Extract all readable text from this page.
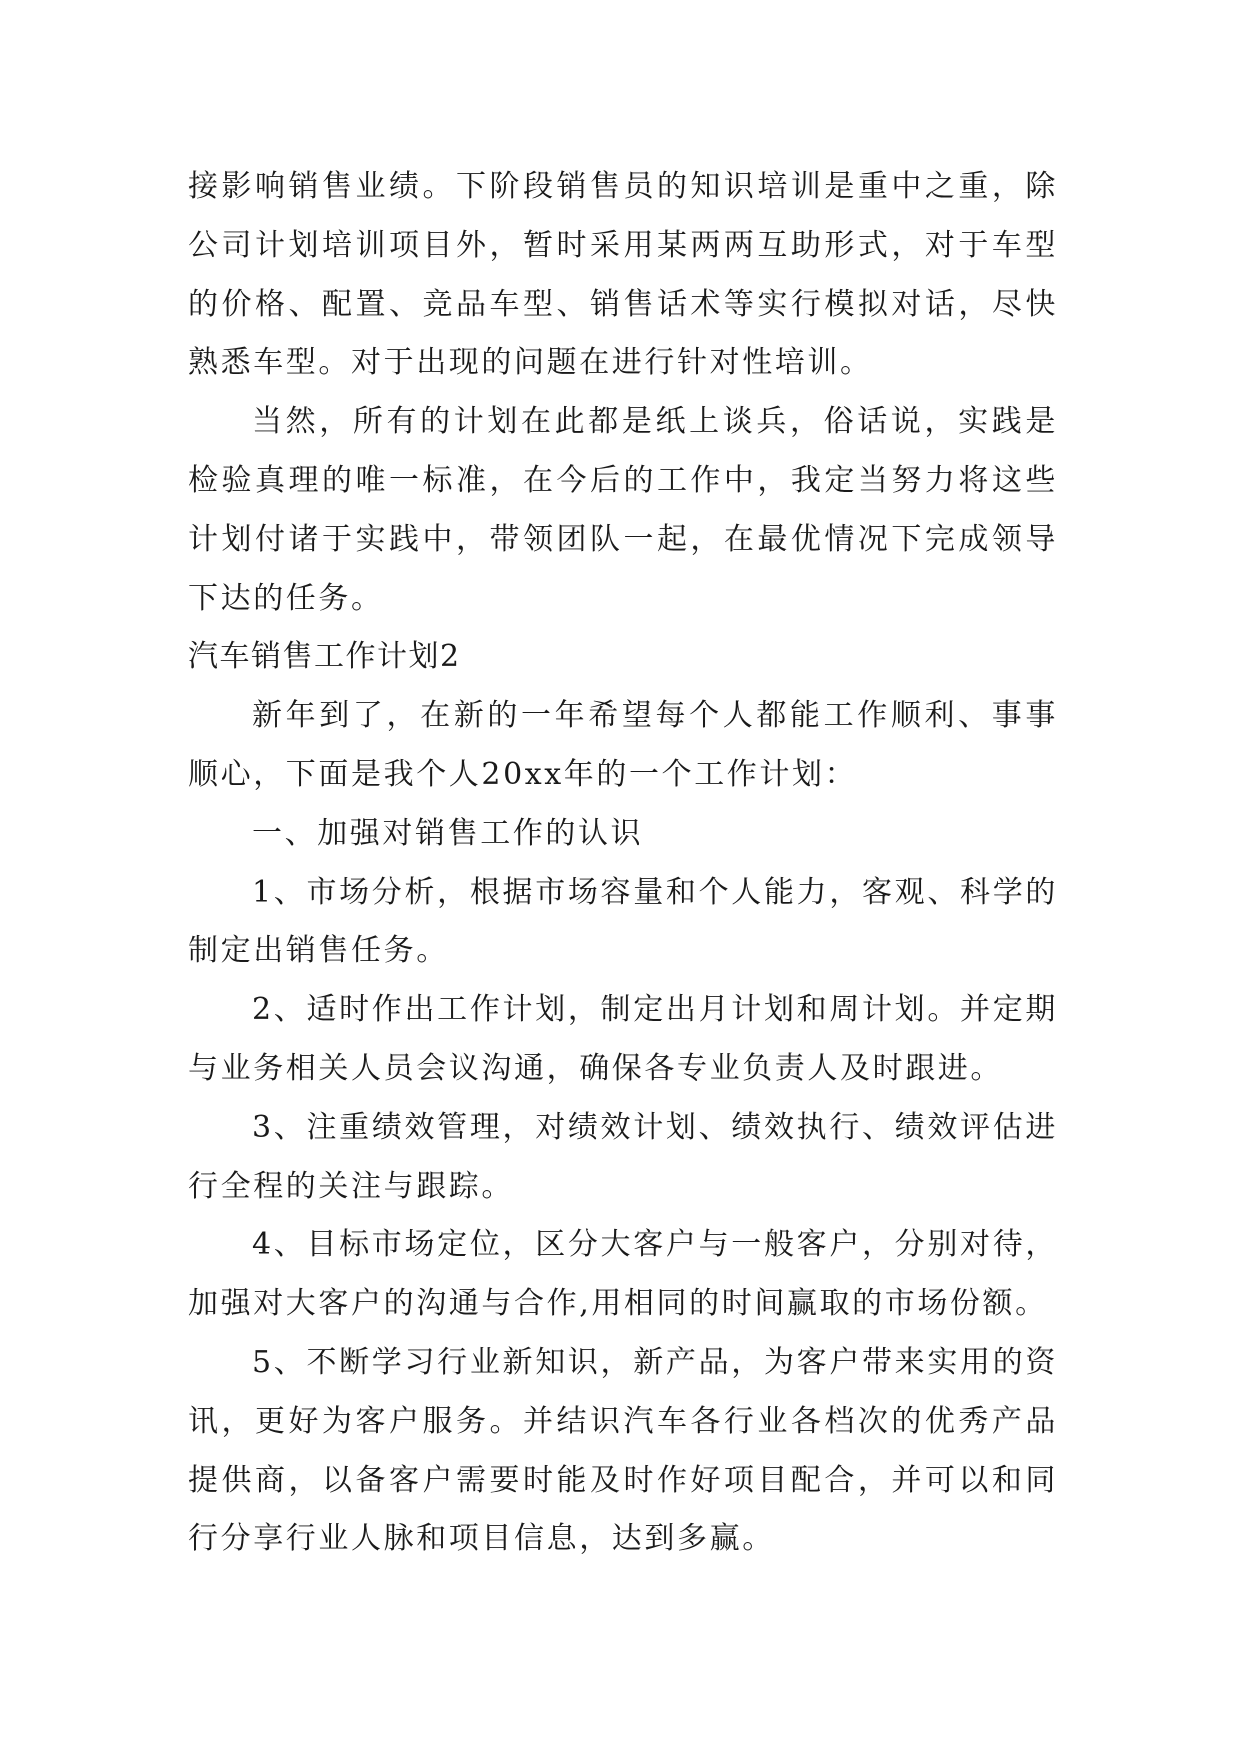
接影响销售业绩。下阶段销售员的知识培训是重中之重，除公司计划培训项目外，暂时采用某两两互助形式，对于车型的价格、配置、竞品车型、销售话术等实行模拟对话，尽快熟悉车型。对于出现的问题在进行针对性培训。

当然，所有的计划在此都是纸上谈兵，俗话说，实践是检验真理的唯一标准，在今后的工作中，我定当努力将这些计划付诸于实践中，带领团队一起，在最优情况下完成领导下达的任务。

汽车销售工作计划2

新年到了，在新的一年希望每个人都能工作顺利、事事顺心，下面是我个人20xx年的一个工作计划：

一、加强对销售工作的认识

1、市场分析，根据市场容量和个人能力，客观、科学的制定出销售任务。

2、适时作出工作计划，制定出月计划和周计划。并定期与业务相关人员会议沟通，确保各专业负责人及时跟进。

3、注重绩效管理，对绩效计划、绩效执行、绩效评估进行全程的关注与跟踪。

4、目标市场定位，区分大客户与一般客户，分别对待，加强对大客户的沟通与合作,用相同的时间赢取的市场份额。

5、不断学习行业新知识，新产品，为客户带来实用的资讯，更好为客户服务。并结识汽车各行业各档次的优秀产品提供商，以备客户需要时能及时作好项目配合，并可以和同行分享行业人脉和项目信息，达到多赢。
